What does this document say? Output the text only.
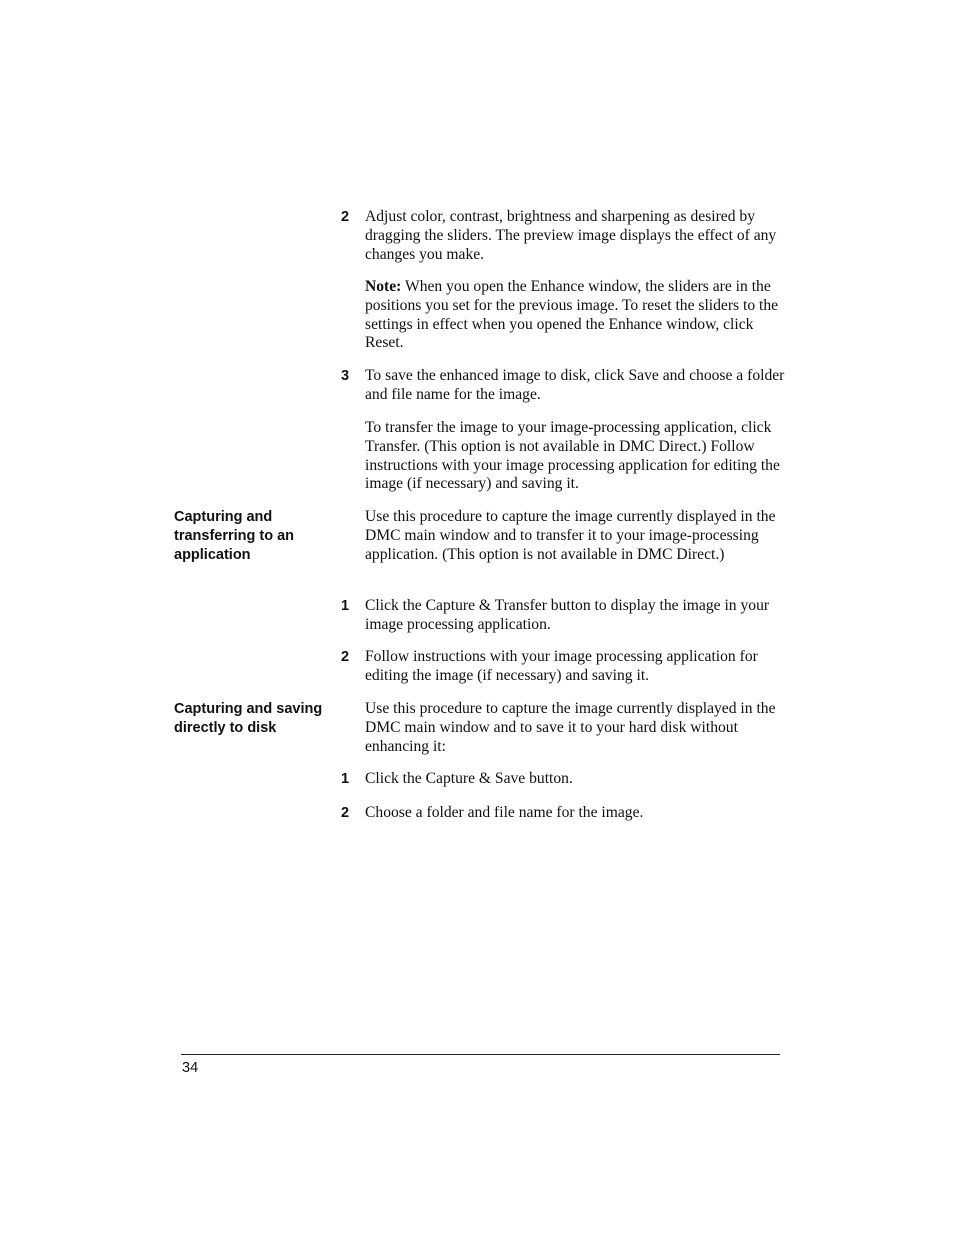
2 Adjust color, contrast, brightness and sharpening as desired by dragging the sliders. The preview image displays the effect of any changes you make.
Note: When you open the Enhance window, the sliders are in the positions you set for the previous image. To reset the sliders to the settings in effect when you opened the Enhance window, click Reset.
3 To save the enhanced image to disk, click Save and choose a folder and file name for the image.
To transfer the image to your image-processing application, click Transfer. (This option is not available in DMC Direct.) Follow instructions with your image processing application for editing the image (if necessary) and saving it.
Capturing and transferring to an application
Use this procedure to capture the image currently displayed in the DMC main window and to transfer it to your image-processing application. (This option is not available in DMC Direct.)
1 Click the Capture & Transfer button to display the image in your image processing application.
2 Follow instructions with your image processing application for editing the image (if necessary) and saving it.
Capturing and saving directly to disk
Use this procedure to capture the image currently displayed in the DMC main window and to save it to your hard disk without enhancing it:
1 Click the Capture & Save button.
2 Choose a folder and file name for the image.
34
